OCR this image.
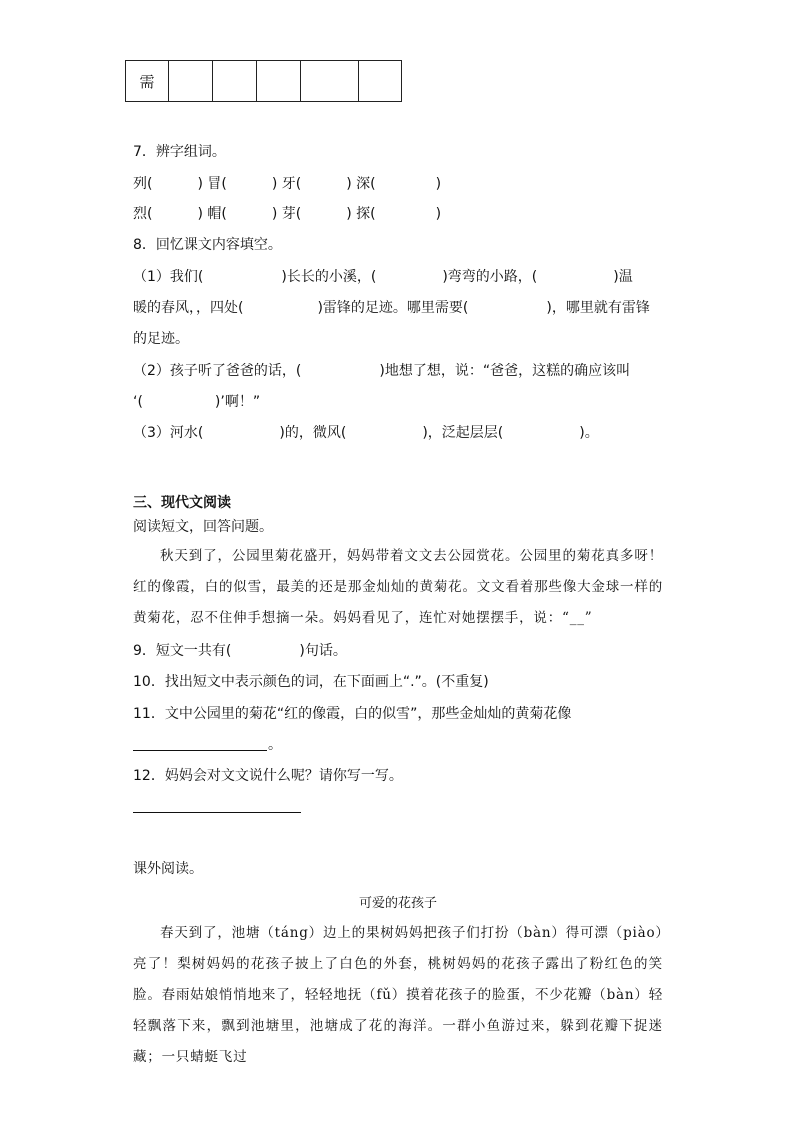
需					
7．辨字组词。
列(	) 冒(	) 牙(	) 深(	)
烈(	) 帽(	) 芽(	) 探(	)
8．回忆课文内容填空。
（1）我们(	)长长的小溪，(	)弯弯的小路，(	)温
暖的春风，，四处(	)雷锋的足迹。哪里需要(	)，哪里就有雷锋
的足迹。
（2）孩子听了爸爸的话，(	)地想了想，说：“爸爸，这糕的确应该叫
‘(	)’啊！”
（3）河水(	)的，微风(	)，泛起层层(	)。
三、现代文阅读
阅读短文，回答问题。
秋天到了，公园里菊花盛开，妈妈带着文文去公园赏花。公园里的菊花真多呀！红的像霞，白的似雪，最美的还是那金灿灿的黄菊花。文文看着那些像大金球一样的黄菊花，忍不住伸手想摘一朵。妈妈看见了，连忙对她摆摆手，说：“__”
9．短文一共有(	)句话。
10．找出短文中表示颜色的词，在下面画上“.”。(不重复)
11．文中公园里的菊花“红的像霞，白的似雪”，那些金灿灿的黄菊花像
。
12．妈妈会对文文说什么呢？请你写一写。
课外阅读。
可爱的花孩子
春天到了，池塘（táng）边上的果树妈妈把孩子们打扮（bàn）得可漂（piào）亮了！梨树妈妈的花孩子披上了白色的外套，桃树妈妈的花孩子露出了粉红色的笑脸。春雨姑娘悄悄地来了，轻轻地抚（fǔ）摸着花孩子的脸蛋，不少花瓣（bàn）轻轻飘落下来，飘到池塘里，池塘成了花的海洋。一群小鱼游过来，躲到花瓣下捉迷藏；一只蜻蜓飞过
